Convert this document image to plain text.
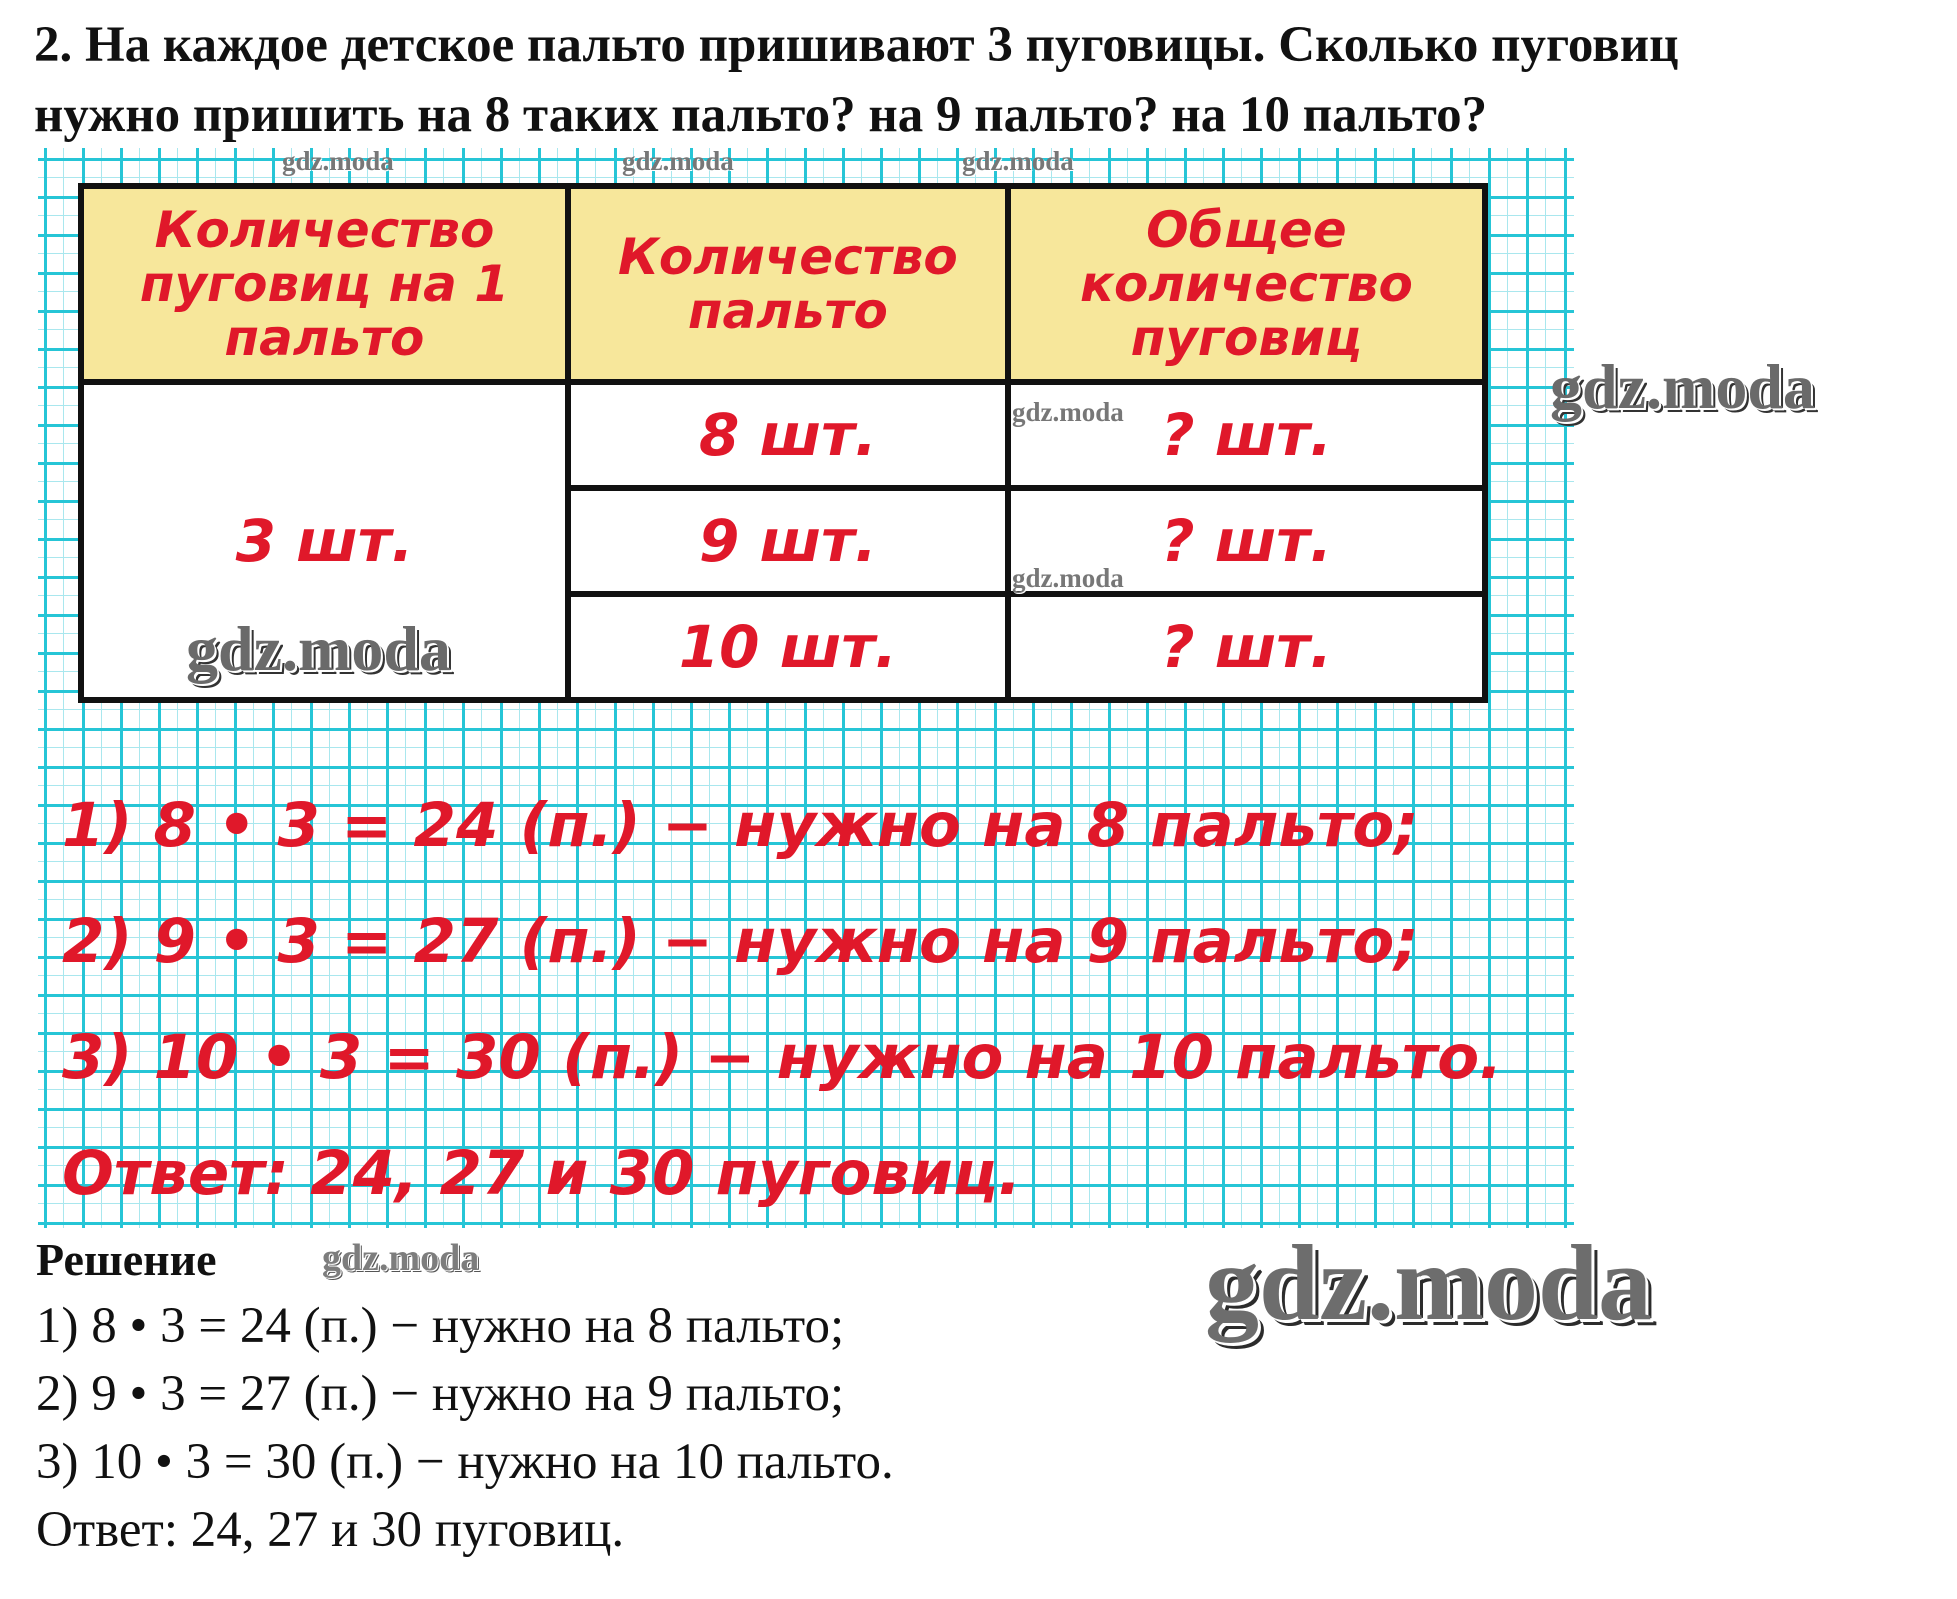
2. На каждое детское пальто пришивают 3 пуговицы. Сколько пуговиц
нужно пришить на 8 таких пальто? на 9 пальто? на 10 пальто?

gdz.moda	gdz.moda	gdz.moda
Количество пуговиц на 1 пальто	Количество пальто	Общее количество пуговиц
3 шт.	8 шт.	? шт.
	9 шт.	? шт.
	10 шт.	? шт.
gdz.moda
gdz.moda
gdz.moda
gdz.moda
1) 8 • 3 = 24 (п.) − нужно на 8 пальто;
2) 9 • 3 = 27 (п.) − нужно на 9 пальто;
3) 10 • 3 = 30 (п.) − нужно на 10 пальто.
Ответ: 24, 27 и 30 пуговиц.
Решение
1) 8 • 3 = 24 (п.) − нужно на 8 пальто;
2) 9 • 3 = 27 (п.) − нужно на 9 пальто;
3) 10 • 3 = 30 (п.) − нужно на 10 пальто.
Ответ: 24, 27 и 30 пуговиц.
gdz.moda	gdz.moda
